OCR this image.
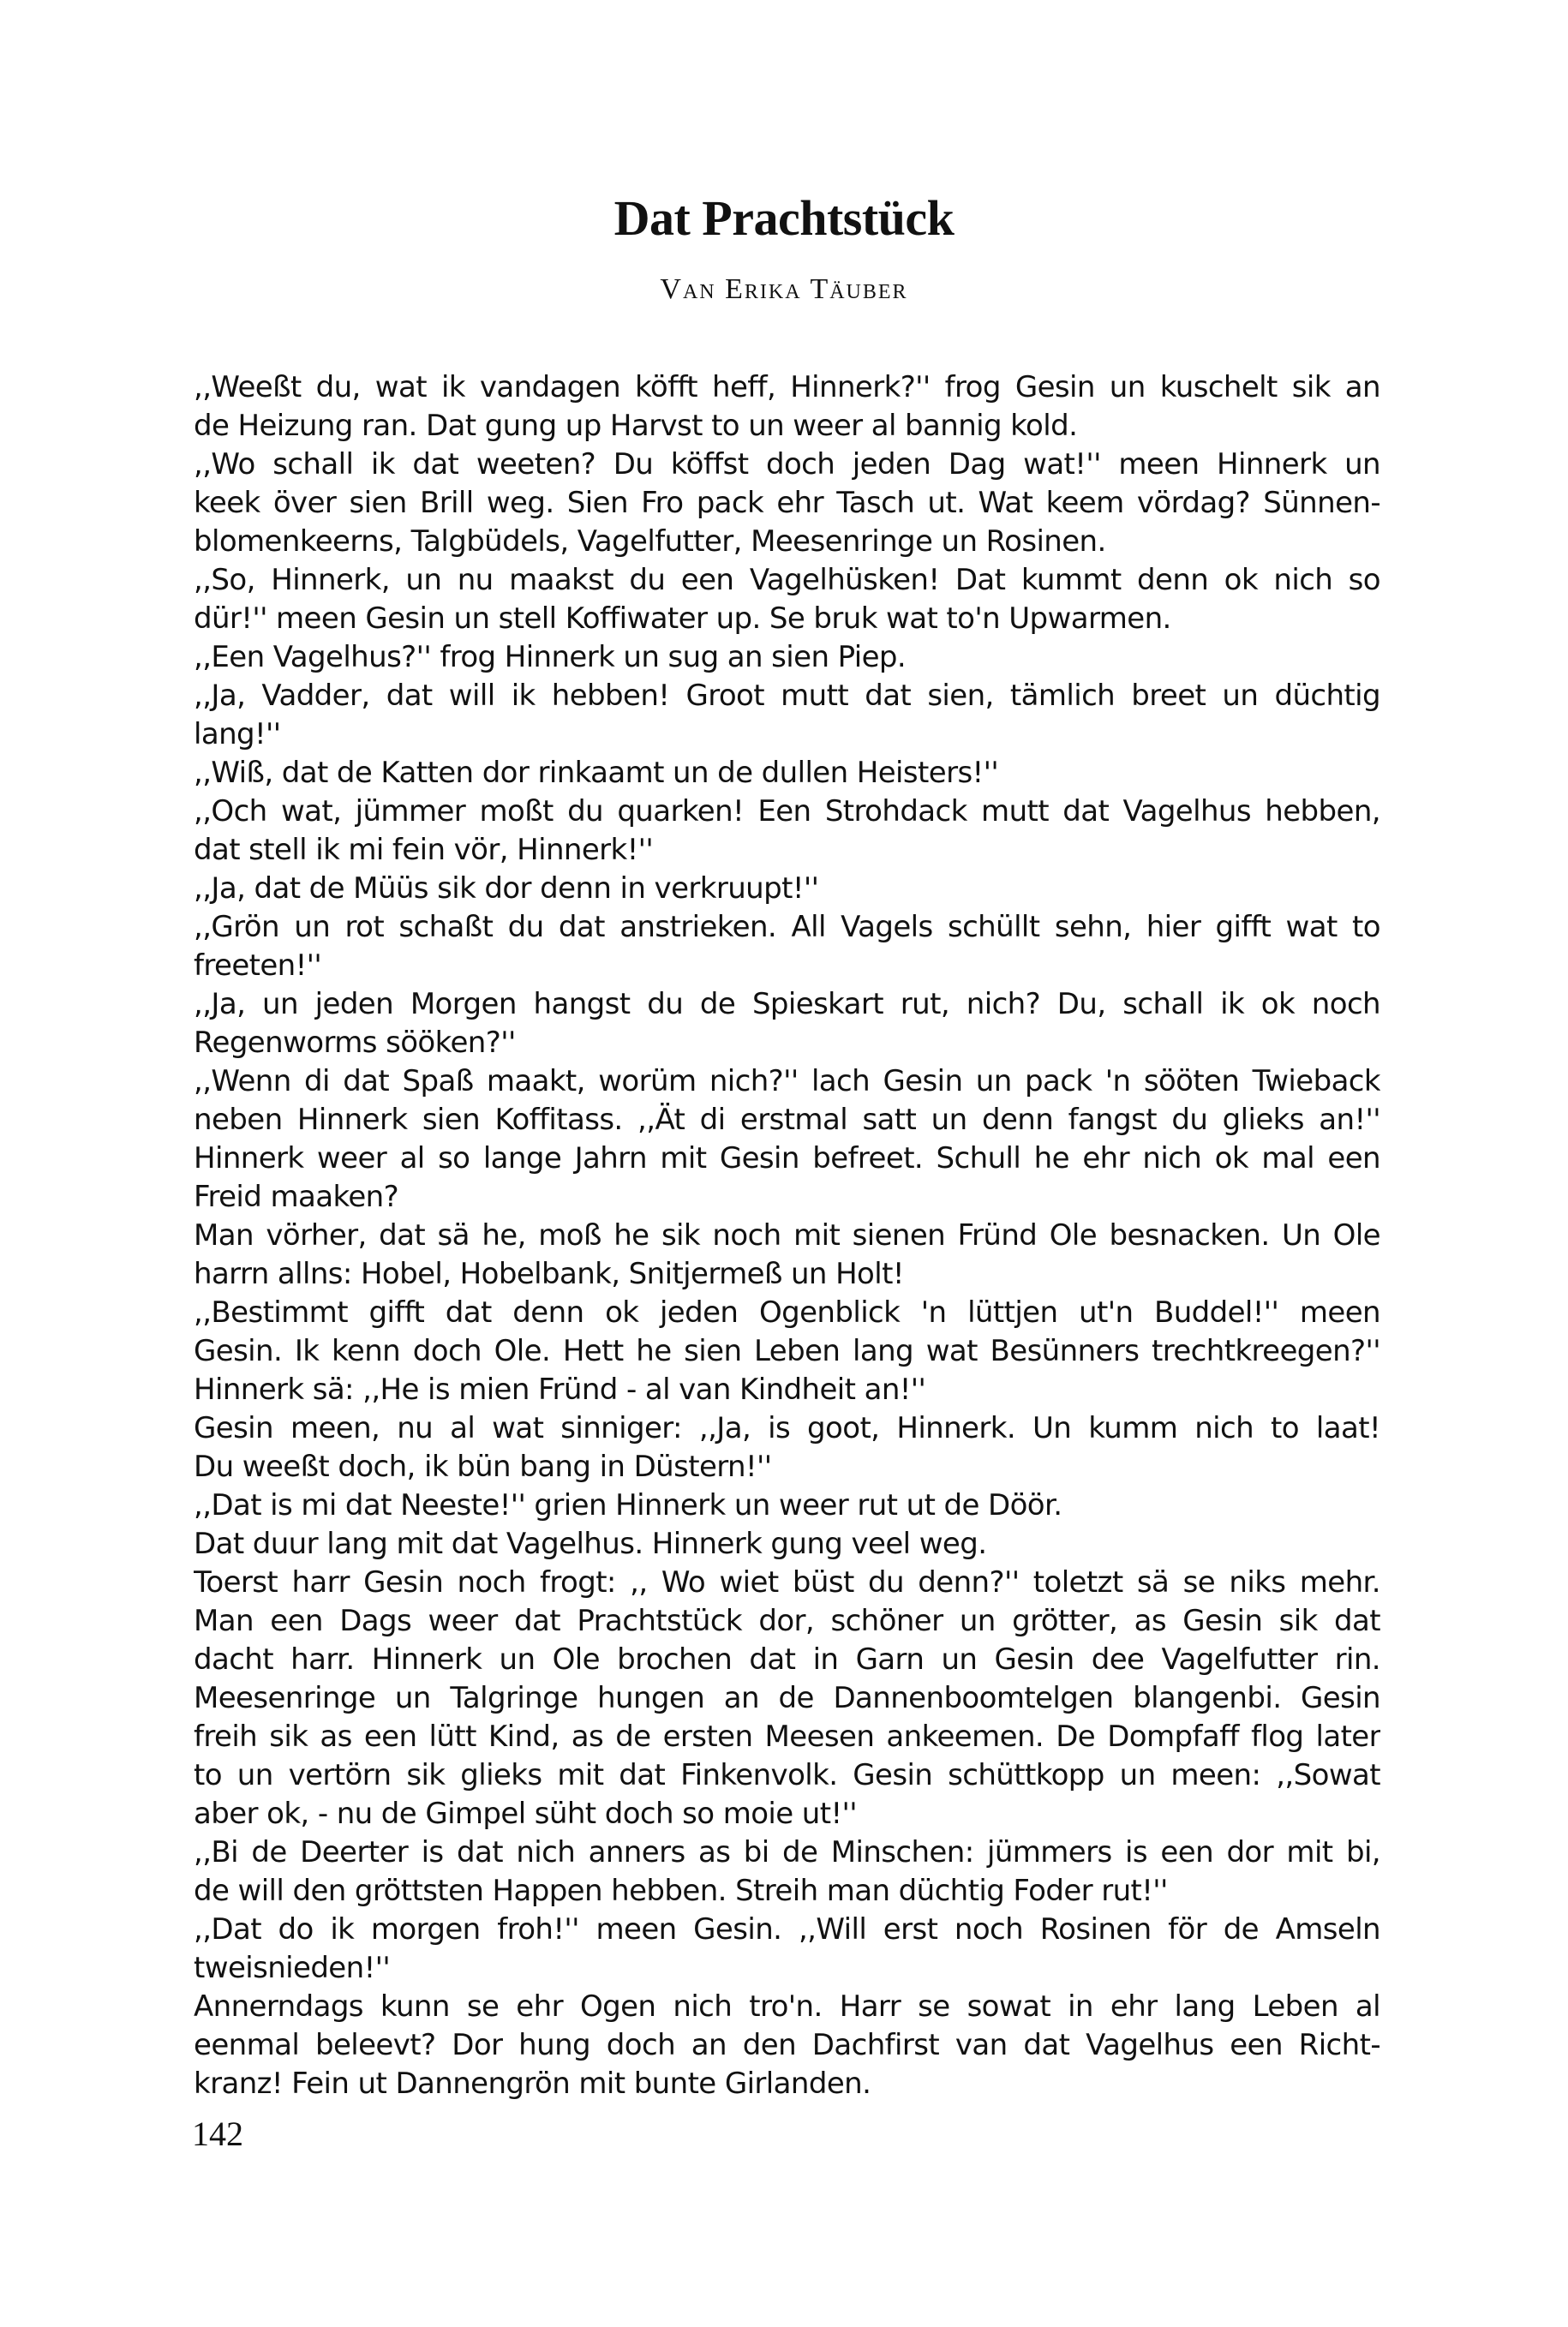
Dat Prachtstück
Van Erika Täuber
,,Weeßt du, wat ik vandagen köfft heff, Hinnerk?'' frog Gesin un kuschelt sik an
de Heizung ran. Dat gung up Harvst to un weer al bannig kold.
,,Wo schall ik dat weeten? Du köffst doch jeden Dag wat!'' meen Hinnerk un
keek över sien Brill weg. Sien Fro pack ehr Tasch ut. Wat keem vördag? Sünnen-
blomenkeerns, Talgbüdels, Vagelfutter, Meesenringe un Rosinen.
,,So, Hinnerk, un nu maakst du een Vagelhüsken! Dat kummt denn ok nich so
dür!'' meen Gesin un stell Koffiwater up. Se bruk wat to'n Upwarmen.
,,Een Vagelhus?'' frog Hinnerk un sug an sien Piep.
,,Ja, Vadder, dat will ik hebben! Groot mutt dat sien, tämlich breet un düchtig
lang!''
,,Wiß, dat de Katten dor rinkaamt un de dullen Heisters!''
,,Och wat, jümmer moßt du quarken! Een Strohdack mutt dat Vagelhus hebben,
dat stell ik mi fein vör, Hinnerk!''
,,Ja, dat de Müüs sik dor denn in verkruupt!''
,,Grön un rot schaßt du dat anstrieken. All Vagels schüllt sehn, hier gifft wat to
freeten!''
,,Ja, un jeden Morgen hangst du de Spieskart rut, nich? Du, schall ik ok noch
Regenworms sööken?''
,,Wenn di dat Spaß maakt, worüm nich?'' lach Gesin un pack 'n sööten Twieback
neben Hinnerk sien Koffitass. ,,Ät di erstmal satt un denn fangst du glieks an!''
Hinnerk weer al so lange Jahrn mit Gesin befreet. Schull he ehr nich ok mal een
Freid maaken?
Man vörher, dat sä he, moß he sik noch mit sienen Fründ Ole besnacken. Un Ole
harrn allns: Hobel, Hobelbank, Snitjermeß un Holt!
,,Bestimmt gifft dat denn ok jeden Ogenblick 'n lüttjen ut'n Buddel!'' meen
Gesin. Ik kenn doch Ole. Hett he sien Leben lang wat Besünners trechtkreegen?''
Hinnerk sä: ,,He is mien Fründ - al van Kindheit an!''
Gesin meen, nu al wat sinniger: ,,Ja, is goot, Hinnerk. Un kumm nich to laat!
Du weeßt doch, ik bün bang in Düstern!''
,,Dat is mi dat Neeste!'' grien Hinnerk un weer rut ut de Döör.
Dat duur lang mit dat Vagelhus. Hinnerk gung veel weg.
Toerst harr Gesin noch frogt: ,, Wo wiet büst du denn?'' toletzt sä se niks mehr.
Man een Dags weer dat Prachtstück dor, schöner un grötter, as Gesin sik dat
dacht harr. Hinnerk un Ole brochen dat in Garn un Gesin dee Vagelfutter rin.
Meesenringe un Talgringe hungen an de Dannenboomtelgen blangenbi. Gesin
freih sik as een lütt Kind, as de ersten Meesen ankeemen. De Dompfaff flog later
to un vertörn sik glieks mit dat Finkenvolk. Gesin schüttkopp un meen: ,,Sowat
aber ok, - nu de Gimpel süht doch so moie ut!''
,,Bi de Deerter is dat nich anners as bi de Minschen: jümmers is een dor mit bi,
de will den gröttsten Happen hebben. Streih man düchtig Foder rut!''
,,Dat do ik morgen froh!'' meen Gesin. ,,Will erst noch Rosinen för de Amseln
tweisnieden!''
Annerndags kunn se ehr Ogen nich tro'n. Harr se sowat in ehr lang Leben al
eenmal beleevt? Dor hung doch an den Dachfirst van dat Vagelhus een Richt-
kranz! Fein ut Dannengrön mit bunte Girlanden.
142
